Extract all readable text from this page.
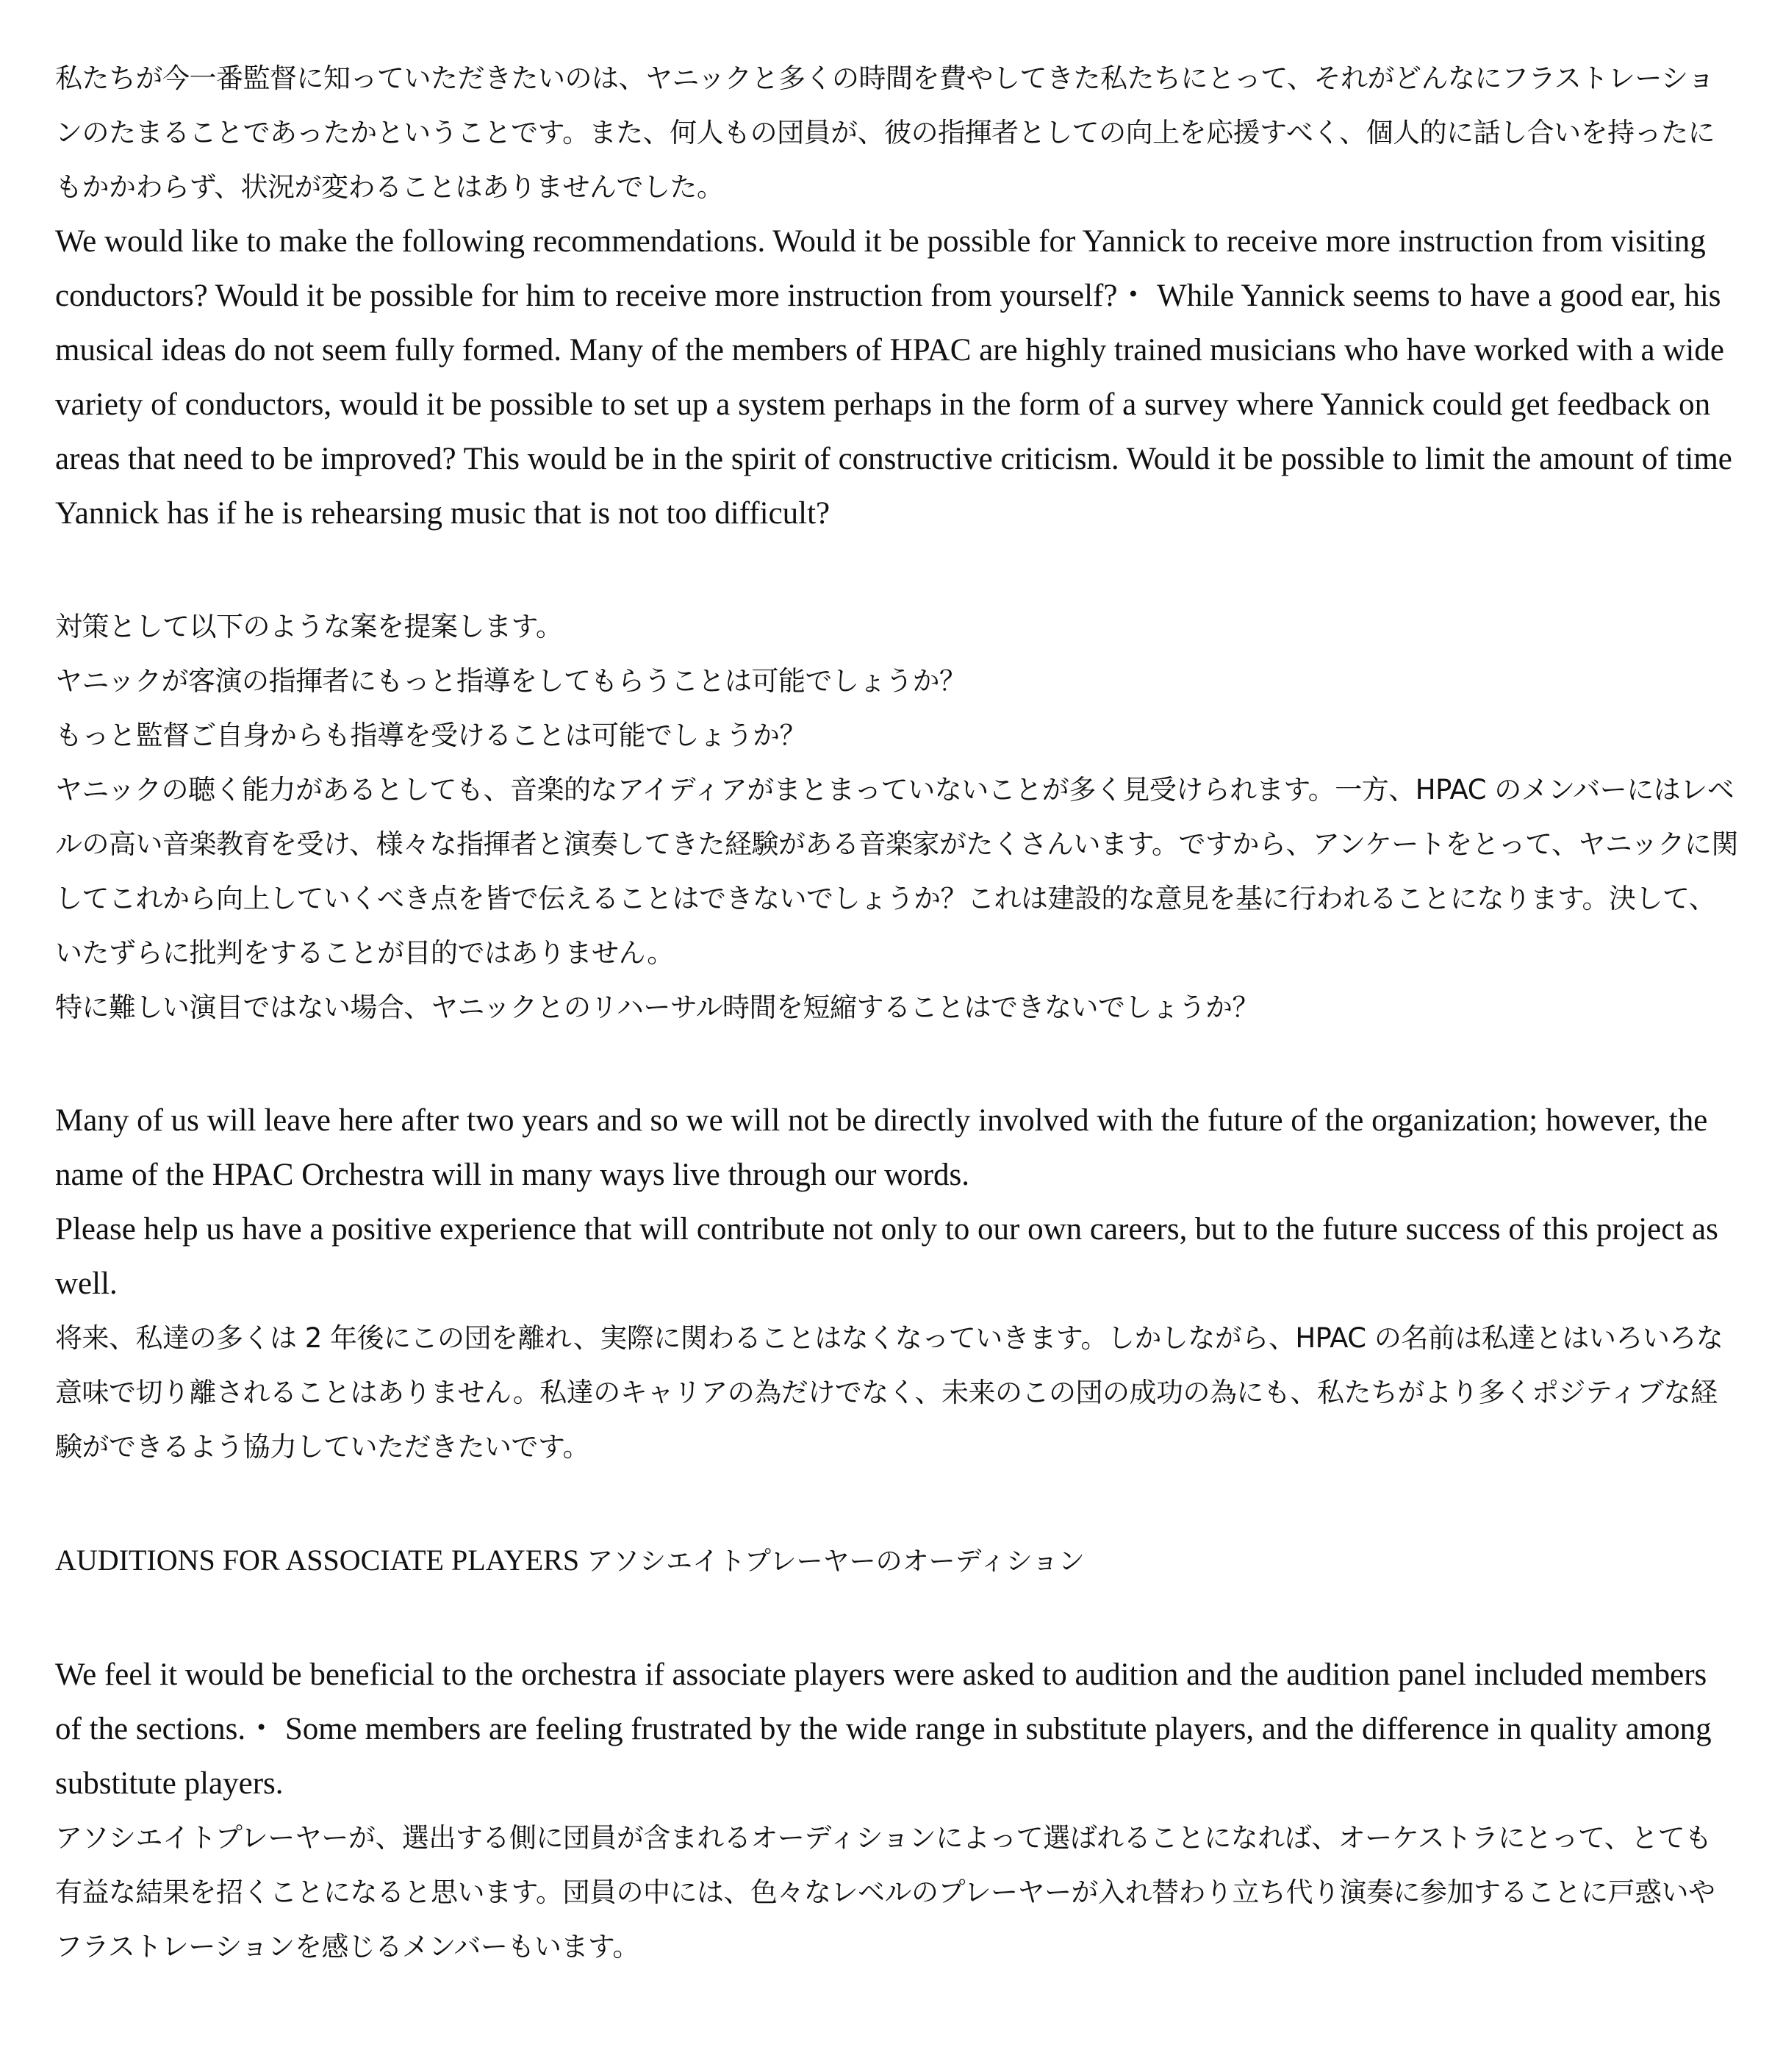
私たちが今一番監督に知っていただきたいのは、ヤニックと多くの時間を費やしてきた私たちにとって、それがどんなにフラストレーションのたまることであったかということです。また、何人もの団員が、彼の指揮者としての向上を応援すべく、個人的に話し合いを持ったにもかかわらず、状況が変わることはありませんでした。

We would like to make the following recommendations. Would it be possible for Yannick to receive more instruction from visiting conductors? Would it be possible for him to receive more instruction from yourself?・ While Yannick seems to have a good ear, his musical ideas do not seem fully formed. Many of the members of HPAC are highly trained musicians who have worked with a wide variety of conductors, would it be possible to set up a system perhaps in the form of a survey where Yannick could get feedback on areas that need to be improved? This would be in the spirit of constructive criticism. Would it be possible to limit the amount of time Yannick has if he is rehearsing music that is not too difficult?

対策として以下のような案を提案します。

ヤニックが客演の指揮者にもっと指導をしてもらうことは可能でしょうか？

もっと監督ご自身からも指導を受けることは可能でしょうか？

ヤニックの聴く能力があるとしても、音楽的なアイディアがまとまっていないことが多く見受けられます。一方、HPAC のメンバーにはレベルの高い音楽教育を受け、様々な指揮者と演奏してきた経験がある音楽家がたくさんいます。ですから、アンケートをとって、ヤニックに関してこれから向上していくべき点を皆で伝えることはできないでしょうか？これは建設的な意見を基に行われることになります。決して、いたずらに批判をすることが目的ではありません。

特に難しい演目ではない場合、ヤニックとのリハーサル時間を短縮することはできないでしょうか？

Many of us will leave here after two years and so we will not be directly involved with the future of the organization; however, the name of the HPAC Orchestra will in many ways live through our words.

Please help us have a positive experience that will contribute not only to our own careers, but to the future success of this project as well.

将来、私達の多くは 2 年後にこの団を離れ、実際に関わることはなくなっていきます。しかしながら、HPAC の名前は私達とはいろいろな意味で切り離されることはありません。私達のキャリアの為だけでなく、未来のこの団の成功の為にも、私たちがより多くポジティブな経験ができるよう協力していただきたいです。

AUDITIONS FOR ASSOCIATE PLAYERS アソシエイトプレーヤーのオーディション

We feel it would be beneficial to the orchestra if associate players were asked to audition and the audition panel included members of the sections.・ Some members are feeling frustrated by the wide range in substitute players, and the difference in quality among substitute players.

アソシエイトプレーヤーが、選出する側に団員が含まれるオーディションによって選ばれることになれば、オーケストラにとって、とても有益な結果を招くことになると思います。団員の中には、色々なレベルのプレーヤーが入れ替わり立ち代り演奏に参加することに戸惑いやフラストレーションを感じるメンバーもいます。
